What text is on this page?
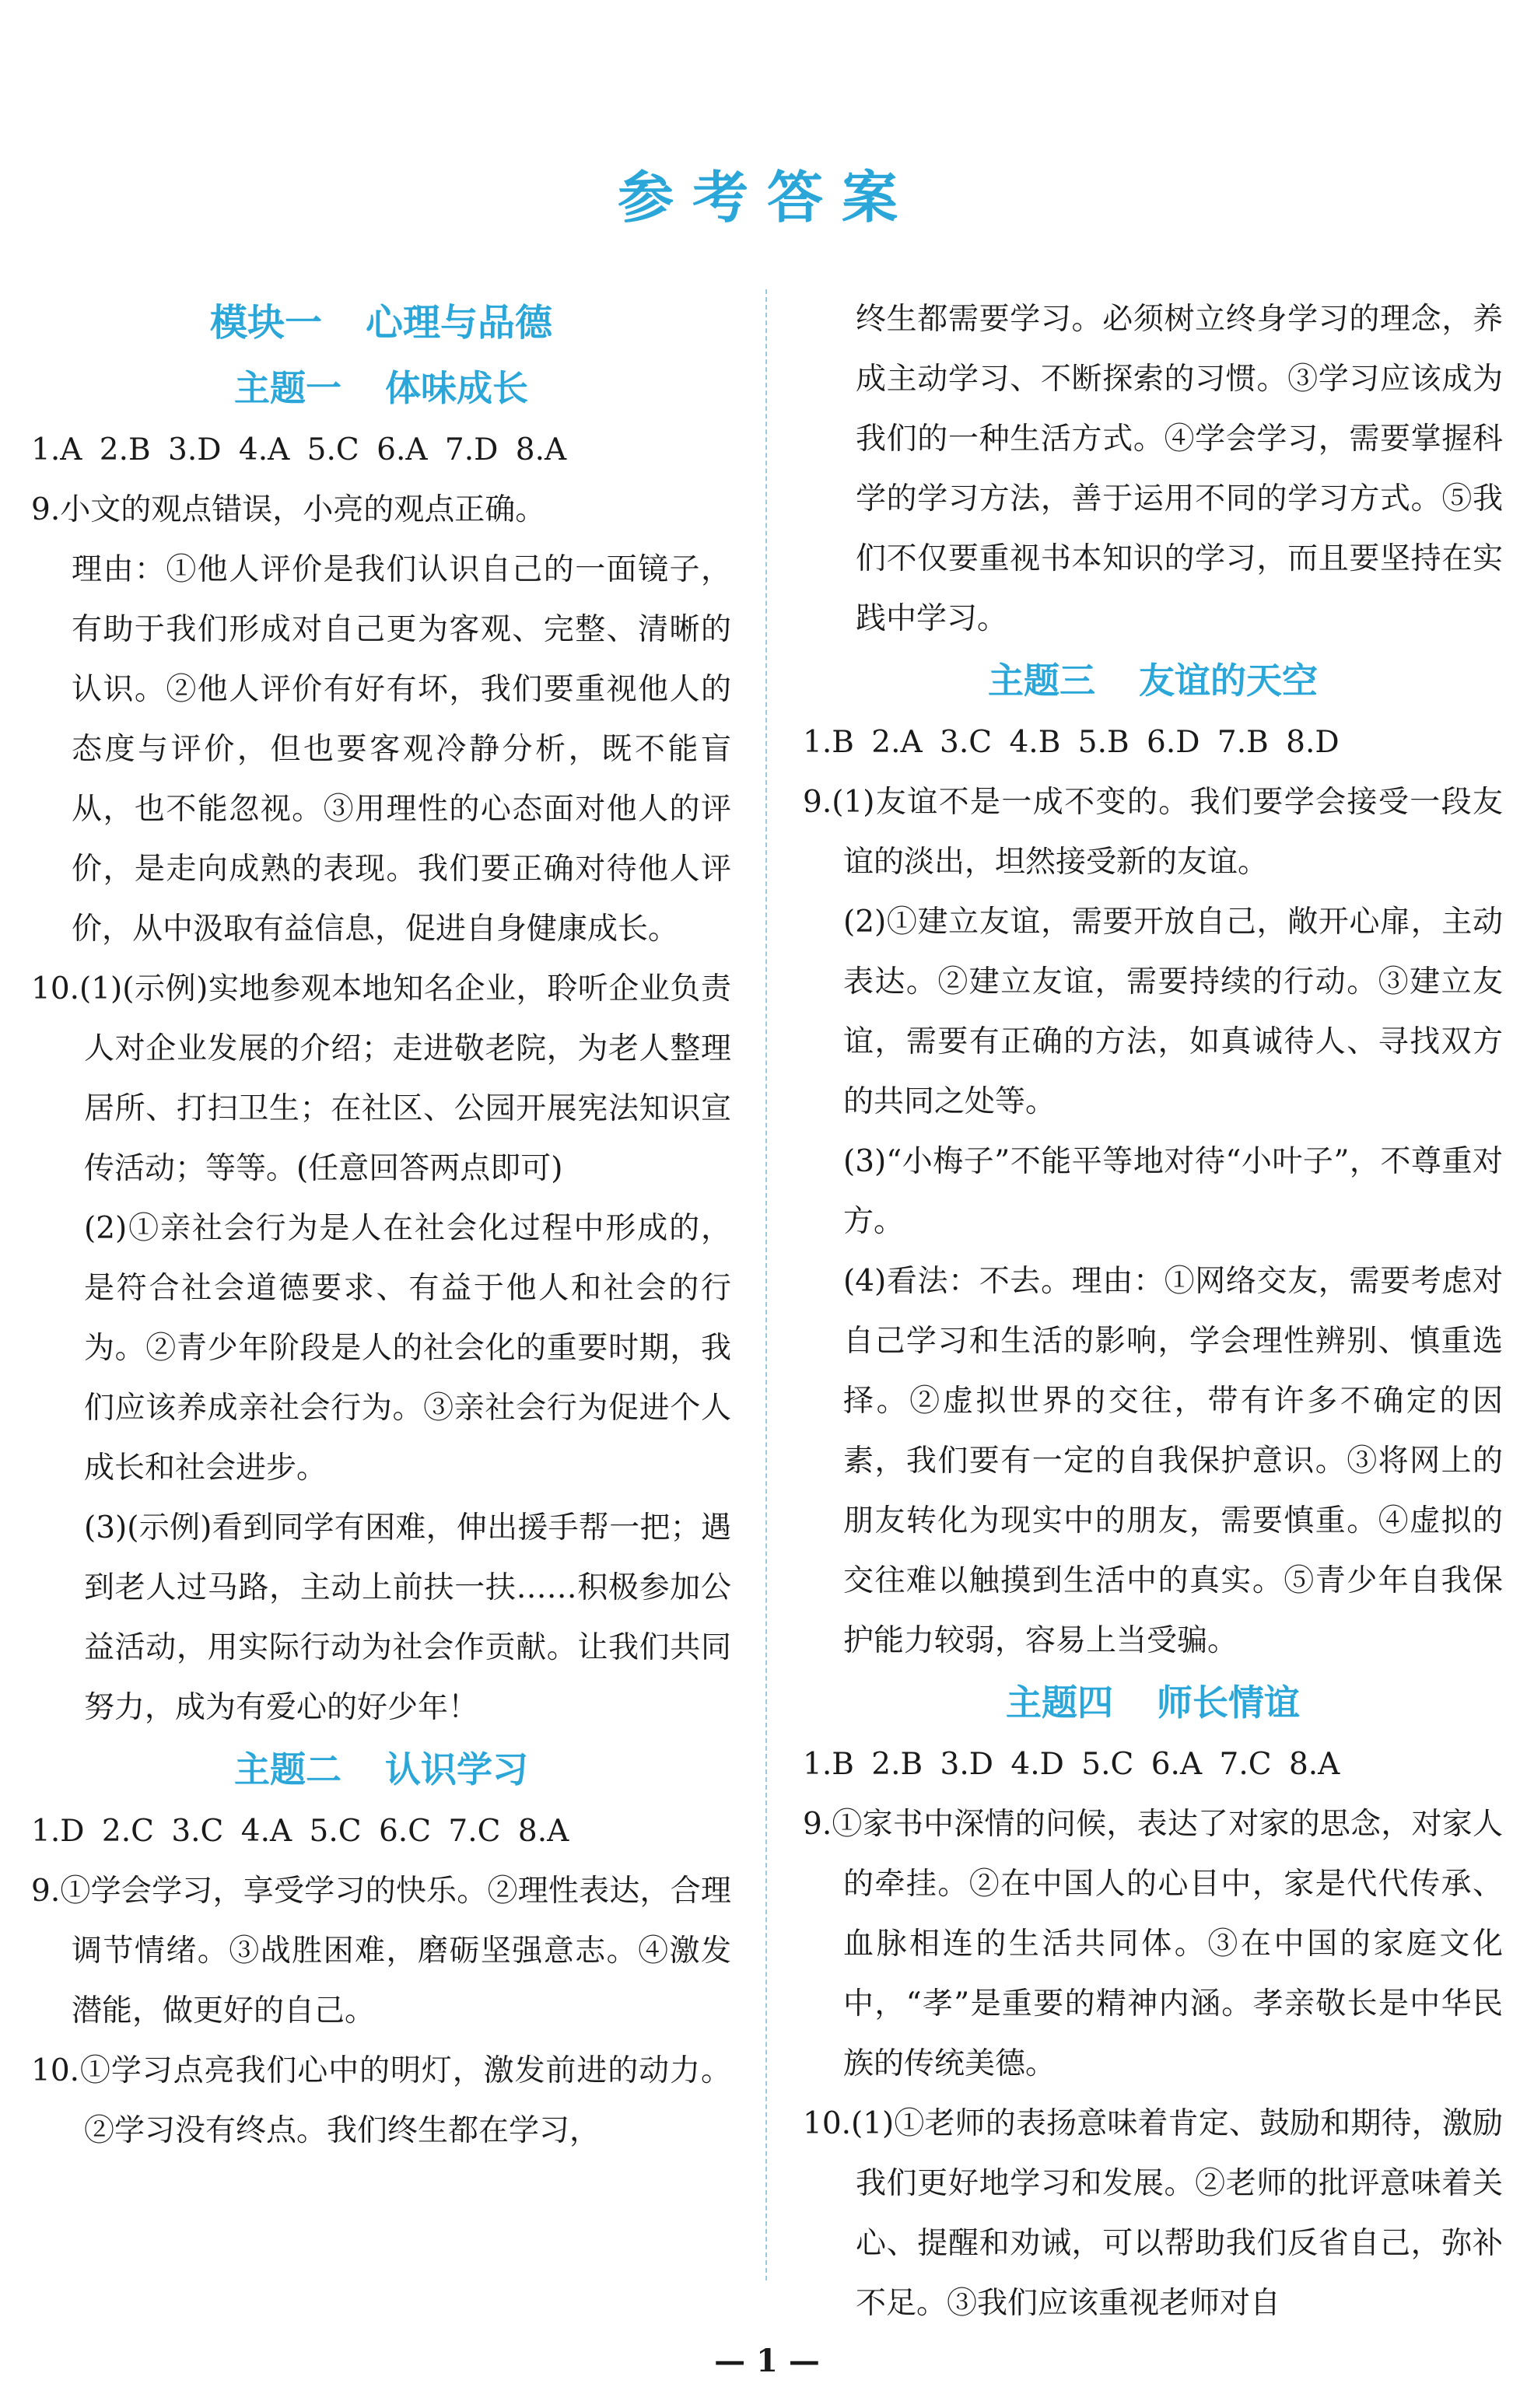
参考答案
模块一 心理与品德
主题一 体味成长
1.A 2.B 3.D 4.A 5.C 6.A 7.D 8.A
9.小文的观点错误，小亮的观点正确。
理由：①他人评价是我们认识自己的一面镜子，有助于我们形成对自己更为客观、完整、清晰的认识。②他人评价有好有坏，我们要重视他人的态度与评价，但也要客观冷静分析，既不能盲从，也不能忽视。③用理性的心态面对他人的评价，是走向成熟的表现。我们要正确对待他人评价，从中汲取有益信息，促进自身健康成长。
10.(1)(示例)实地参观本地知名企业，聆听企业负责人对企业发展的介绍；走进敬老院，为老人整理居所、打扫卫生；在社区、公园开展宪法知识宣传活动；等等。(任意回答两点即可)
(2)①亲社会行为是人在社会化过程中形成的，是符合社会道德要求、有益于他人和社会的行为。②青少年阶段是人的社会化的重要时期，我们应该养成亲社会行为。③亲社会行为促进个人成长和社会进步。
(3)(示例)看到同学有困难，伸出援手帮一把；遇到老人过马路，主动上前扶一扶……积极参加公益活动，用实际行动为社会作贡献。让我们共同努力，成为有爱心的好少年！
主题二 认识学习
1.D 2.C 3.C 4.A 5.C 6.C 7.C 8.A
9.①学会学习，享受学习的快乐。②理性表达，合理调节情绪。③战胜困难，磨砺坚强意志。④激发潜能，做更好的自己。
10.①学习点亮我们心中的明灯，激发前进的动力。②学习没有终点。我们终生都在学习，
终生都需要学习。必须树立终身学习的理念，养成主动学习、不断探索的习惯。③学习应该成为我们的一种生活方式。④学会学习，需要掌握科学的学习方法，善于运用不同的学习方式。⑤我们不仅要重视书本知识的学习，而且要坚持在实践中学习。
主题三 友谊的天空
1.B 2.A 3.C 4.B 5.B 6.D 7.B 8.D
9.(1)友谊不是一成不变的。我们要学会接受一段友谊的淡出，坦然接受新的友谊。
(2)①建立友谊，需要开放自己，敞开心扉，主动表达。②建立友谊，需要持续的行动。③建立友谊，需要有正确的方法，如真诚待人、寻找双方的共同之处等。
(3)“小梅子”不能平等地对待“小叶子”，不尊重对方。
(4)看法：不去。理由：①网络交友，需要考虑对自己学习和生活的影响，学会理性辨别、慎重选择。②虚拟世界的交往，带有许多不确定的因素，我们要有一定的自我保护意识。③将网上的朋友转化为现实中的朋友，需要慎重。④虚拟的交往难以触摸到生活中的真实。⑤青少年自我保护能力较弱，容易上当受骗。
主题四 师长情谊
1.B 2.B 3.D 4.D 5.C 6.A 7.C 8.A
9.①家书中深情的问候，表达了对家的思念，对家人的牵挂。②在中国人的心目中，家是代代传承、血脉相连的生活共同体。③在中国的家庭文化中，“孝”是重要的精神内涵。孝亲敬长是中华民族的传统美德。
10.(1)①老师的表扬意味着肯定、鼓励和期待，激励我们更好地学习和发展。②老师的批评意味着关心、提醒和劝诫，可以帮助我们反省自己，弥补不足。③我们应该重视老师对自
— 1 —
